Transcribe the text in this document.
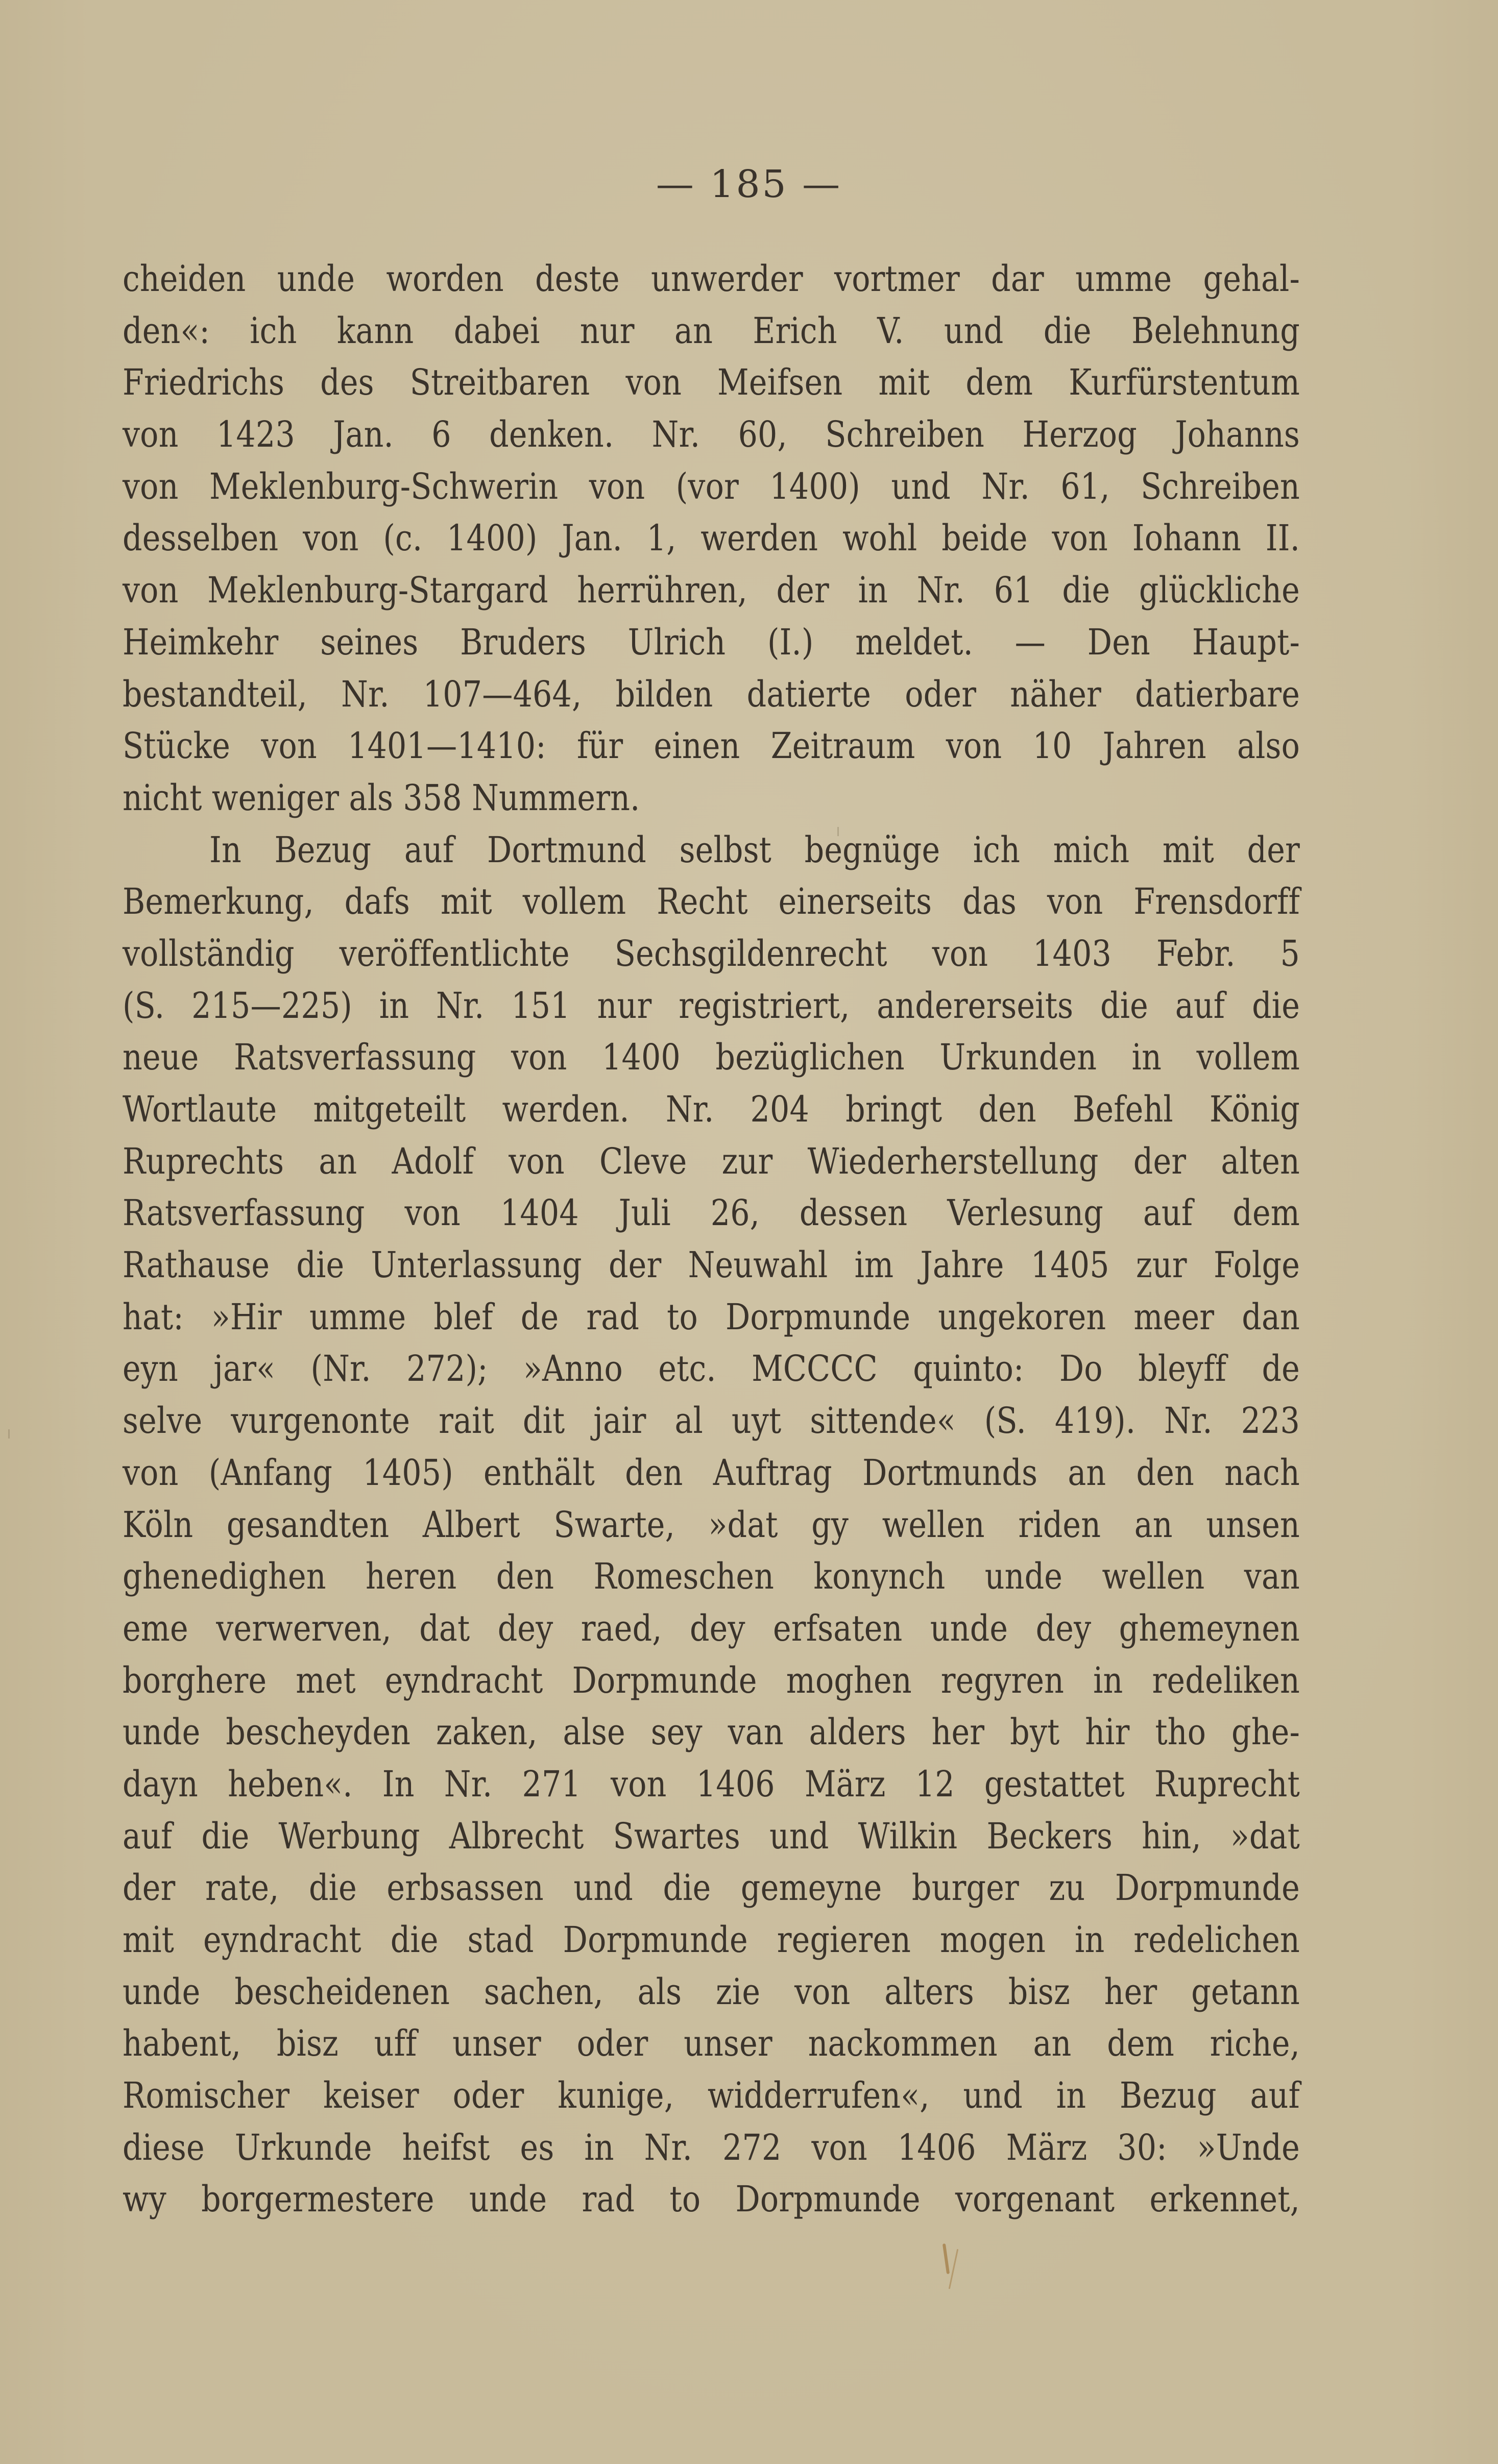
— 185 —
cheiden unde worden deste unwerder vortmer dar umme gehal-
den«: ich kann dabei nur an Erich V. und die Belehnung
Friedrichs des Streitbaren von Meifsen mit dem Kurfürstentum
von 1423 Jan. 6 denken. Nr. 60, Schreiben Herzog Johanns
von Meklenburg-Schwerin von (vor 1400) und Nr. 61, Schreiben
desselben von (c. 1400) Jan. 1, werden wohl beide von Iohann II.
von Meklenburg-Stargard herrühren, der in Nr. 61 die glückliche
Heimkehr seines Bruders Ulrich (I.) meldet. — Den Haupt-
bestandteil, Nr. 107—464, bilden datierte oder näher datierbare
Stücke von 1401—1410: für einen Zeitraum von 10 Jahren also
nicht weniger als 358 Nummern.
In Bezug auf Dortmund selbst begnüge ich mich mit der
Bemerkung, dafs mit vollem Recht einerseits das von Frensdorff
vollständig veröffentlichte Sechsgildenrecht von 1403 Febr. 5
(S. 215—225) in Nr. 151 nur registriert, andererseits die auf die
neue Ratsverfassung von 1400 bezüglichen Urkunden in vollem
Wortlaute mitgeteilt werden. Nr. 204 bringt den Befehl König
Ruprechts an Adolf von Cleve zur Wiederherstellung der alten
Ratsverfassung von 1404 Juli 26, dessen Verlesung auf dem
Rathause die Unterlassung der Neuwahl im Jahre 1405 zur Folge
hat: »Hir umme blef de rad to Dorpmunde ungekoren meer dan
eyn jar« (Nr. 272); »Anno etc. MCCCC quinto: Do bleyff de
selve vurgenonte rait dit jair al uyt sittende« (S. 419). Nr. 223
von (Anfang 1405) enthält den Auftrag Dortmunds an den nach
Köln gesandten Albert Swarte, »dat gy wellen riden an unsen
ghenedighen heren den Romeschen konynch unde wellen van
eme verwerven, dat dey raed, dey erfsaten unde dey ghemeynen
borghere met eyndracht Dorpmunde moghen regyren in redeliken
unde bescheyden zaken, alse sey van alders her byt hir tho ghe-
dayn heben«. In Nr. 271 von 1406 März 12 gestattet Ruprecht
auf die Werbung Albrecht Swartes und Wilkin Beckers hin, »dat
der rate, die erbsassen und die gemeyne burger zu Dorpmunde
mit eyndracht die stad Dorpmunde regieren mogen in redelichen
unde bescheidenen sachen, als zie von alters bisz her getann
habent, bisz uff unser oder unser nackommen an dem riche,
Romischer keiser oder kunige, widderrufen«, und in Bezug auf
diese Urkunde heifst es in Nr. 272 von 1406 März 30: »Unde
wy borgermestere unde rad to Dorpmunde vorgenant erkennet,
